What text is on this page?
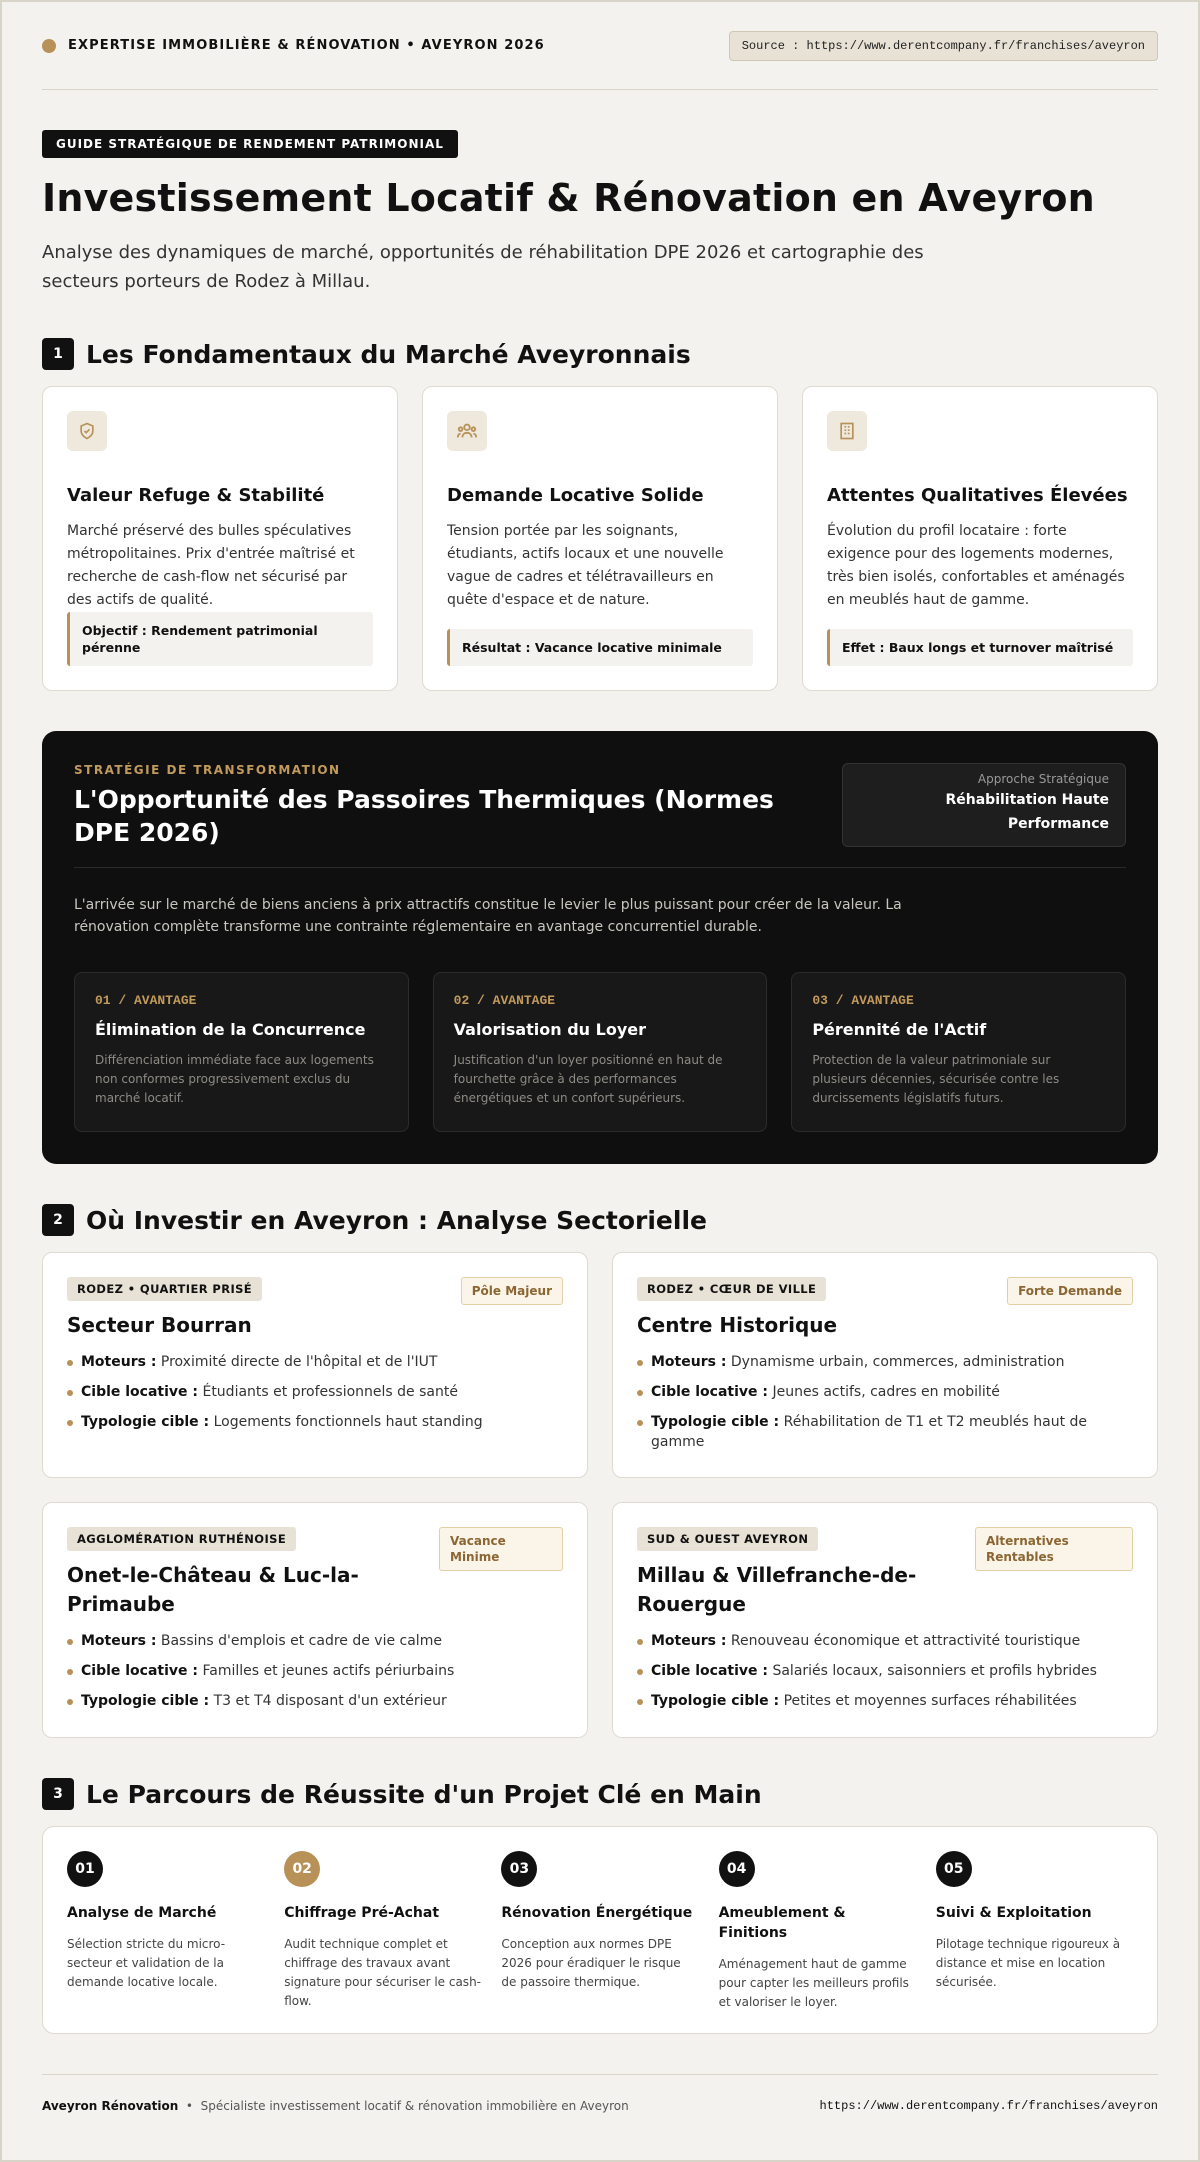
EXPERTISE IMMOBILIÈRE & RÉNOVATION • AVEYRON 2026	Source : https://www.derentcompany.fr/franchises/aveyron
GUIDE STRATÉGIQUE DE RENDEMENT PATRIMONIAL
Investissement Locatif & Rénovation en Aveyron

Analyse des dynamiques de marché, opportunités de réhabilitation DPE 2026 et cartographie des secteurs porteurs de Rodez à Millau.

1 Les Fondamentaux du Marché Aveyronnais
Valeur Refuge & Stabilité

Marché préservé des bulles spéculatives métropolitaines. Prix d'entrée maîtrisé et recherche de cash-flow net sécurisé par des actifs de qualité.

Objectif : Rendement patrimonial pérenne
Demande Locative Solide

Tension portée par les soignants, étudiants, actifs locaux et une nouvelle vague de cadres et télétravailleurs en quête d'espace et de nature.

Résultat : Vacance locative minimale
Attentes Qualitatives Élevées

Évolution du profil locataire : forte exigence pour des logements modernes, très bien isolés, confortables et aménagés en meublés haut de gamme.

Effet : Baux longs et turnover maîtrisé
STRATÉGIE DE TRANSFORMATION
L'Opportunité des Passoires Thermiques (Normes DPE 2026)
Approche Stratégique
Réhabilitation Haute Performance

L'arrivée sur le marché de biens anciens à prix attractifs constitue le levier le plus puissant pour créer de la valeur. La rénovation complète transforme une contrainte réglementaire en avantage concurrentiel durable.

01 / AVANTAGE
Élimination de la Concurrence

Différenciation immédiate face aux logements non conformes progressivement exclus du marché locatif.

02 / AVANTAGE
Valorisation du Loyer

Justification d'un loyer positionné en haut de fourchette grâce à des performances énergétiques et un confort supérieurs.

03 / AVANTAGE
Pérennité de l'Actif

Protection de la valeur patrimoniale sur plusieurs décennies, sécurisée contre les durcissements législatifs futurs.

2 Où Investir en Aveyron : Analyse Sectorielle
RODEZ • QUARTIER PRISÉ	Pôle Majeur
Secteur Bourran
Moteurs : Proximité directe de l'hôpital et de l'IUT
Cible locative : Étudiants et professionnels de santé
Typologie cible : Logements fonctionnels haut standing
RODEZ • CŒUR DE VILLE	Forte Demande
Centre Historique
Moteurs : Dynamisme urbain, commerces, administration
Cible locative : Jeunes actifs, cadres en mobilité
Typologie cible : Réhabilitation de T1 et T2 meublés haut de gamme
AGGLOMÉRATION RUTHÉNOISE	Vacance Minime
Onet-le-Château & Luc-la-Primaube
Moteurs : Bassins d'emplois et cadre de vie calme
Cible locative : Familles et jeunes actifs périurbains
Typologie cible : T3 et T4 disposant d'un extérieur
SUD & OUEST AVEYRON	Alternatives Rentables
Millau & Villefranche-de-Rouergue
Moteurs : Renouveau économique et attractivité touristique
Cible locative : Salariés locaux, saisonniers et profils hybrides
Typologie cible : Petites et moyennes surfaces réhabilitées
3 Le Parcours de Réussite d'un Projet Clé en Main
01
Analyse de Marché

Sélection stricte du micro-secteur et validation de la demande locative locale.

02
Chiffrage Pré-Achat

Audit technique complet et chiffrage des travaux avant signature pour sécuriser le cash-flow.

03
Rénovation Énergétique

Conception aux normes DPE 2026 pour éradiquer le risque de passoire thermique.

04
Ameublement & Finitions

Aménagement haut de gamme pour capter les meilleurs profils et valoriser le loyer.

05
Suivi & Exploitation

Pilotage technique rigoureux à distance et mise en location sécurisée.

Aveyron Rénovation • Spécialiste investissement locatif & rénovation immobilière en Aveyron	https://www.derentcompany.fr/franchises/aveyron
